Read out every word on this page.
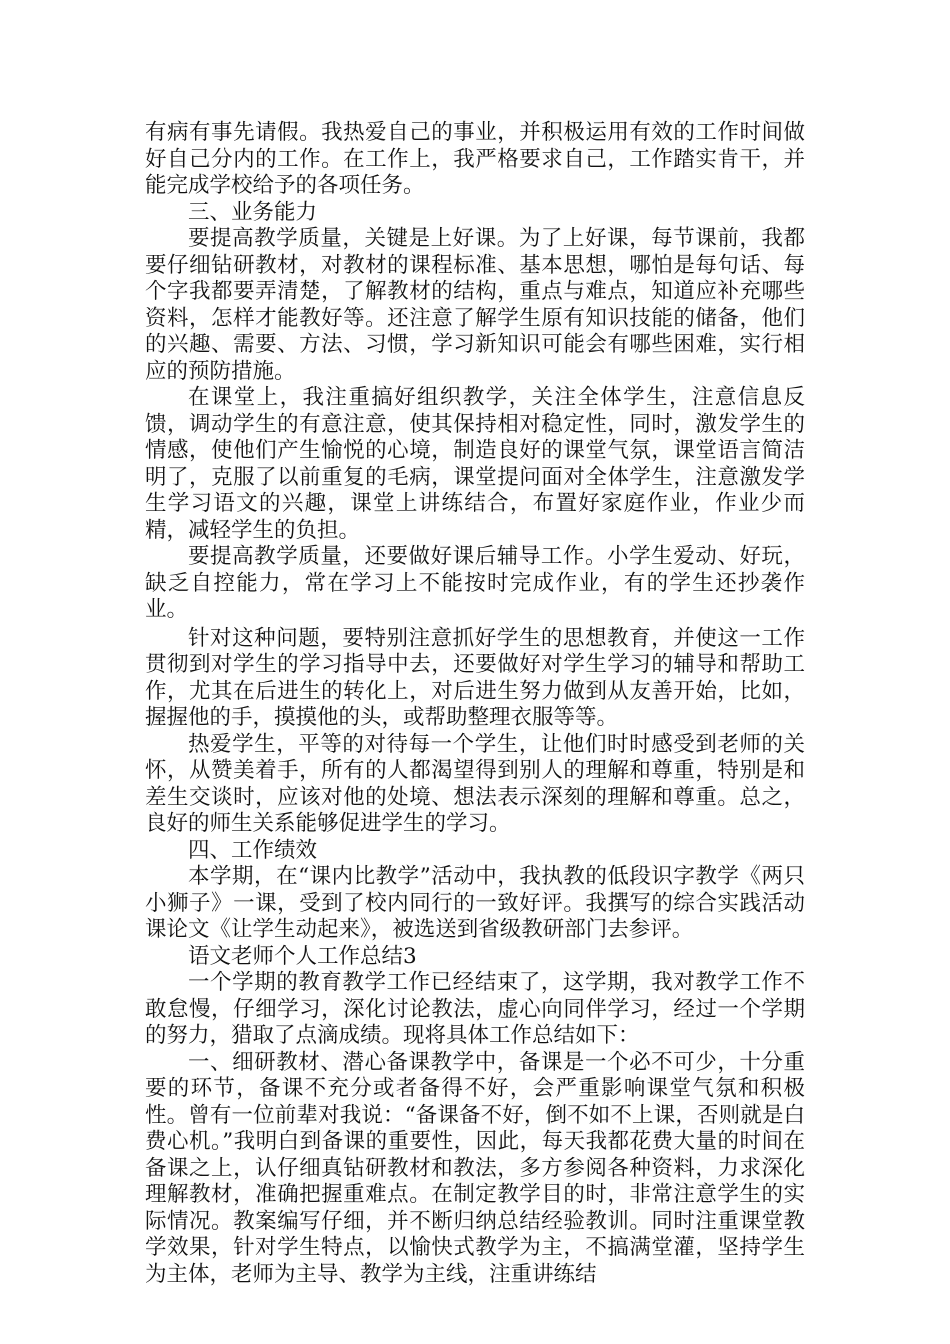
有病有事先请假。我热爱自己的事业，并积极运用有效的工作时间做好自己分内的工作。在工作上，我严格要求自己，工作踏实肯干，并能完成学校给予的各项任务。

三、业务能力

要提高教学质量，关键是上好课。为了上好课，每节课前，我都要仔细钻研教材，对教材的课程标准、基本思想，哪怕是每句话、每个字我都要弄清楚，了解教材的结构，重点与难点，知道应补充哪些资料，怎样才能教好等。还注意了解学生原有知识技能的储备，他们的兴趣、需要、方法、习惯，学习新知识可能会有哪些困难，实行相应的预防措施。

在课堂上，我注重搞好组织教学，关注全体学生，注意信息反馈，调动学生的有意注意，使其保持相对稳定性，同时，激发学生的情感，使他们产生愉悦的心境，制造良好的课堂气氛，课堂语言简洁明了，克服了以前重复的毛病，课堂提问面对全体学生，注意激发学生学习语文的兴趣，课堂上讲练结合，布置好家庭作业，作业少而精，减轻学生的负担。

要提高教学质量，还要做好课后辅导工作。小学生爱动、好玩，缺乏自控能力，常在学习上不能按时完成作业，有的学生还抄袭作业。

针对这种问题，要特别注意抓好学生的思想教育，并使这一工作贯彻到对学生的学习指导中去，还要做好对学生学习的辅导和帮助工作，尤其在后进生的转化上，对后进生努力做到从友善开始，比如，握握他的手，摸摸他的头，或帮助整理衣服等等。

热爱学生，平等的对待每一个学生，让他们时时感受到老师的关怀，从赞美着手，所有的人都渴望得到别人的理解和尊重，特别是和差生交谈时，应该对他的处境、想法表示深刻的理解和尊重。总之，良好的师生关系能够促进学生的学习。

四、工作绩效

本学期，在“课内比教学”活动中，我执教的低段识字教学《两只小狮子》一课，受到了校内同行的一致好评。我撰写的综合实践活动课论文《让学生动起来》，被选送到省级教研部门去参评。

语文老师个人工作总结3

一个学期的教育教学工作已经结束了，这学期，我对教学工作不敢怠慢，仔细学习，深化讨论教法，虚心向同伴学习，经过一个学期的努力，猎取了点滴成绩。现将具体工作总结如下：

一、细研教材、潜心备课教学中，备课是一个必不可少，十分重要的环节，备课不充分或者备得不好，会严重影响课堂气氛和积极性。曾有一位前辈对我说：“备课备不好，倒不如不上课，否则就是白费心机。”我明白到备课的重要性，因此，每天我都花费大量的时间在备课之上，认仔细真钻研教材和教法，多方参阅各种资料，力求深化理解教材，准确把握重难点。在制定教学目的时，非常注意学生的实际情况。教案编写仔细，并不断归纳总结经验教训。同时注重课堂教学效果，针对学生特点，以愉快式教学为主，不搞满堂灌，坚持学生为主体，老师为主导、教学为主线，注重讲练结
